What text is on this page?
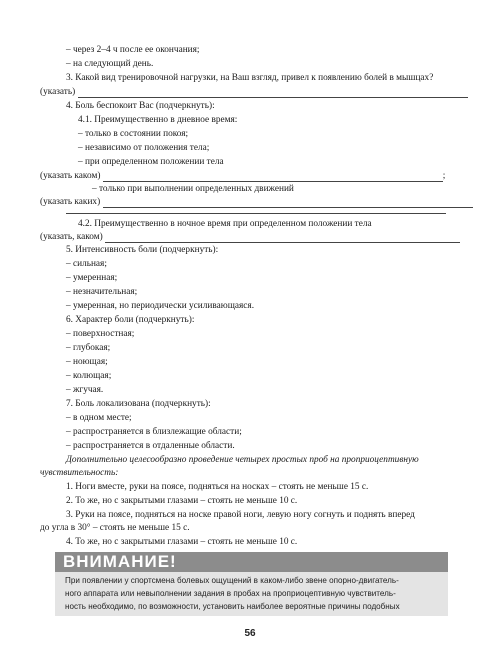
– через 2–4 ч после ее окончания;
– на следующий день.
3. Какой вид тренировочной нагрузки, на Ваш взгляд, привел к появлению болей в мышцах?
(указать)
4. Боль беспокоит Вас (подчеркнуть):
4.1. Преимущественно в дневное время:
– только в состоянии покоя;
– независимо от положения тела;
– при определенном положении тела
(указать каком)	;
– только при выполнении определенных движений
(указать каких)
4.2. Преимущественно в ночное время при определенном положении тела
(указать, каком)
5. Интенсивность боли (подчеркнуть):
– сильная;
– умеренная;
– незначительная;
– умеренная, но периодически усиливающаяся.
6. Характер боли (подчеркнуть):
– поверхностная;
– глубокая;
– ноющая;
– колющая;
– жгучая.
7. Боль локализована (подчеркнуть):
– в одном месте;
– распространяется в близлежащие области;
– распространяется в отдаленные области.
Дополнительно целесообразно проведение четырех простых проб на проприоцептивную
чувствительность:
1. Ноги вместе, руки на поясе, подняться на носках – стоять не меньше 15 с.
2. То же, но с закрытыми глазами – стоять не меньше 10 с.
3. Руки на поясе, подняться на носке правой ноги, левую ногу согнуть и поднять вперед
до угла в 30° – стоять не меньше 15 с.
4. То же, но с закрытыми глазами – стоять не меньше 10 с.
ВНИМАНИЕ!
При появлении у спортсмена болевых ощущений в каком-либо звене опорно-двигатель-
ного аппарата или невыполнении задания в пробах на проприоцептивную чувствитель-
ность необходимо, по возможности, установить наиболее вероятные причины подобных
56
